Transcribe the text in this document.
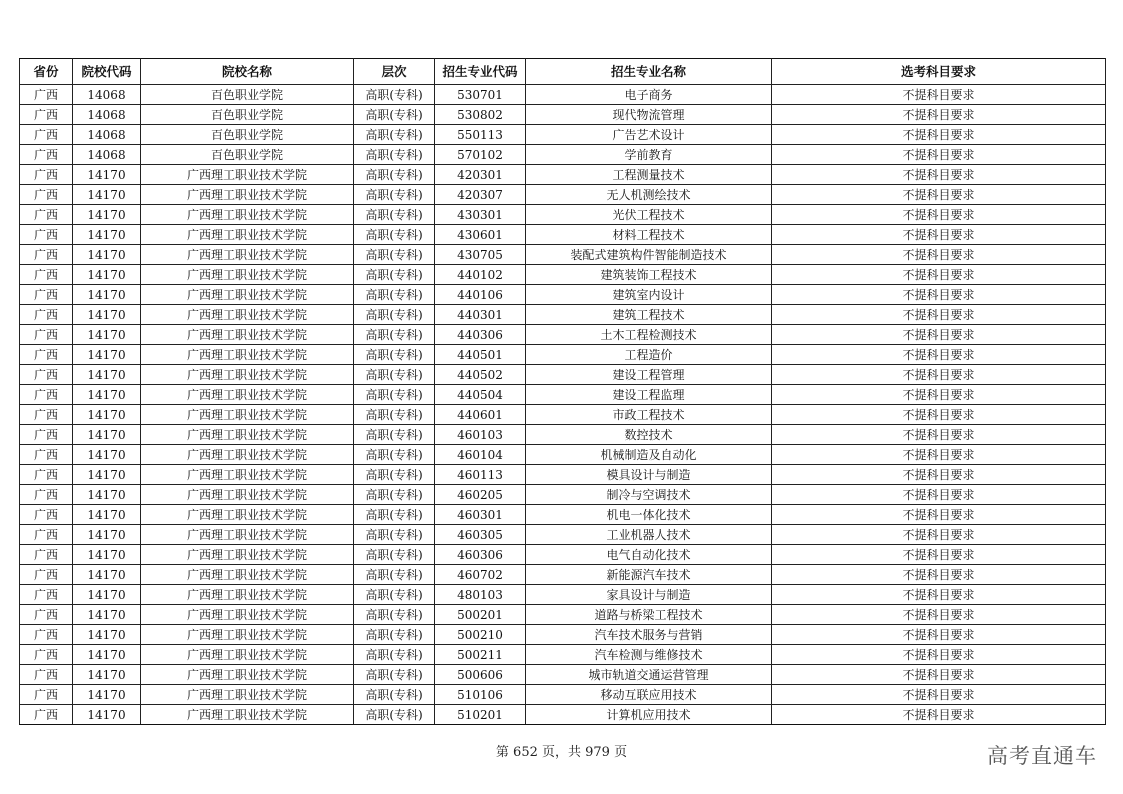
省份	院校代码	院校名称	层次	招生专业代码	招生专业名称	选考科目要求
广西	14068	百色职业学院	高职(专科)	530701	电子商务	不提科目要求
广西	14068	百色职业学院	高职(专科)	530802	现代物流管理	不提科目要求
广西	14068	百色职业学院	高职(专科)	550113	广告艺术设计	不提科目要求
广西	14068	百色职业学院	高职(专科)	570102	学前教育	不提科目要求
广西	14170	广西理工职业技术学院	高职(专科)	420301	工程测量技术	不提科目要求
广西	14170	广西理工职业技术学院	高职(专科)	420307	无人机测绘技术	不提科目要求
广西	14170	广西理工职业技术学院	高职(专科)	430301	光伏工程技术	不提科目要求
广西	14170	广西理工职业技术学院	高职(专科)	430601	材料工程技术	不提科目要求
广西	14170	广西理工职业技术学院	高职(专科)	430705	装配式建筑构件智能制造技术	不提科目要求
广西	14170	广西理工职业技术学院	高职(专科)	440102	建筑装饰工程技术	不提科目要求
广西	14170	广西理工职业技术学院	高职(专科)	440106	建筑室内设计	不提科目要求
广西	14170	广西理工职业技术学院	高职(专科)	440301	建筑工程技术	不提科目要求
广西	14170	广西理工职业技术学院	高职(专科)	440306	土木工程检测技术	不提科目要求
广西	14170	广西理工职业技术学院	高职(专科)	440501	工程造价	不提科目要求
广西	14170	广西理工职业技术学院	高职(专科)	440502	建设工程管理	不提科目要求
广西	14170	广西理工职业技术学院	高职(专科)	440504	建设工程监理	不提科目要求
广西	14170	广西理工职业技术学院	高职(专科)	440601	市政工程技术	不提科目要求
广西	14170	广西理工职业技术学院	高职(专科)	460103	数控技术	不提科目要求
广西	14170	广西理工职业技术学院	高职(专科)	460104	机械制造及自动化	不提科目要求
广西	14170	广西理工职业技术学院	高职(专科)	460113	模具设计与制造	不提科目要求
广西	14170	广西理工职业技术学院	高职(专科)	460205	制冷与空调技术	不提科目要求
广西	14170	广西理工职业技术学院	高职(专科)	460301	机电一体化技术	不提科目要求
广西	14170	广西理工职业技术学院	高职(专科)	460305	工业机器人技术	不提科目要求
广西	14170	广西理工职业技术学院	高职(专科)	460306	电气自动化技术	不提科目要求
广西	14170	广西理工职业技术学院	高职(专科)	460702	新能源汽车技术	不提科目要求
广西	14170	广西理工职业技术学院	高职(专科)	480103	家具设计与制造	不提科目要求
广西	14170	广西理工职业技术学院	高职(专科)	500201	道路与桥梁工程技术	不提科目要求
广西	14170	广西理工职业技术学院	高职(专科)	500210	汽车技术服务与营销	不提科目要求
广西	14170	广西理工职业技术学院	高职(专科)	500211	汽车检测与维修技术	不提科目要求
广西	14170	广西理工职业技术学院	高职(专科)	500606	城市轨道交通运营管理	不提科目要求
广西	14170	广西理工职业技术学院	高职(专科)	510106	移动互联应用技术	不提科目要求
广西	14170	广西理工职业技术学院	高职(专科)	510201	计算机应用技术	不提科目要求
第 652 页，共 979 页	高考直通车
